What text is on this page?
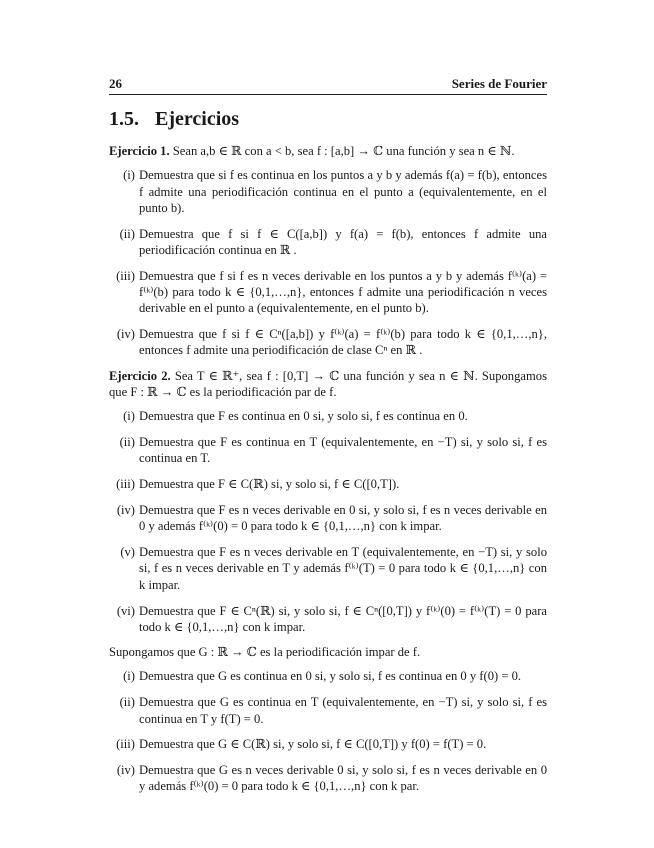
26	Series de Fourier
1.5. Ejercicios

Ejercicio 1. Sean a,b ∈ ℝ con a < b, sea f : [a,b] → ℂ una función y sea n ∈ ℕ.

(i) Demuestra que si f es continua en los puntos a y b y además f(a) = f(b), entonces f admite una periodificación continua en el punto a (equivalentemente, en el punto b).
(ii) Demuestra que f si f ∈ C([a,b]) y f(a) = f(b), entonces f admite una periodificación continua en ℝ .
(iii) Demuestra que f si f es n veces derivable en los puntos a y b y además f⁽ᵏ⁾(a) = f⁽ᵏ⁾(b) para todo k ∈ {0,1,…,n}, entonces f admite una periodificación n veces derivable en el punto a (equivalentemente, en el punto b).
(iv) Demuestra que f si f ∈ Cⁿ([a,b]) y f⁽ᵏ⁾(a) = f⁽ᵏ⁾(b) para todo k ∈ {0,1,…,n}, entonces f admite una periodificación de clase Cⁿ en ℝ .

Ejercicio 2. Sea T ∈ ℝ⁺, sea f : [0,T] → ℂ una función y sea n ∈ ℕ. Supongamos que F : ℝ → ℂ es la periodificación par de f.

(i) Demuestra que F es continua en 0 si, y solo si, f es continua en 0.
(ii) Demuestra que F es continua en T (equivalentemente, en −T) si, y solo si, f es continua en T.
(iii) Demuestra que F ∈ C(ℝ) si, y solo si, f ∈ C([0,T]).
(iv) Demuestra que F es n veces derivable en 0 si, y solo si, f es n veces derivable en 0 y además f⁽ᵏ⁾(0) = 0 para todo k ∈ {0,1,…,n} con k impar.
(v) Demuestra que F es n veces derivable en T (equivalentemente, en −T) si, y solo si, f es n veces derivable en T y además f⁽ᵏ⁾(T) = 0 para todo k ∈ {0,1,…,n} con k impar.
(vi) Demuestra que F ∈ Cⁿ(ℝ) si, y solo si, f ∈ Cⁿ([0,T]) y f⁽ᵏ⁾(0) = f⁽ᵏ⁾(T) = 0 para todo k ∈ {0,1,…,n} con k impar.

Supongamos que G : ℝ → ℂ es la periodificación impar de f.

(i) Demuestra que G es continua en 0 si, y solo si, f es continua en 0 y f(0) = 0.
(ii) Demuestra que G es continua en T (equivalentemente, en −T) si, y solo si, f es continua en T y f(T) = 0.
(iii) Demuestra que G ∈ C(ℝ) si, y solo si, f ∈ C([0,T]) y f(0) = f(T) = 0.
(iv) Demuestra que G es n veces derivable 0 si, y solo si, f es n veces derivable en 0 y además f⁽ᵏ⁾(0) = 0 para todo k ∈ {0,1,…,n} con k par.
